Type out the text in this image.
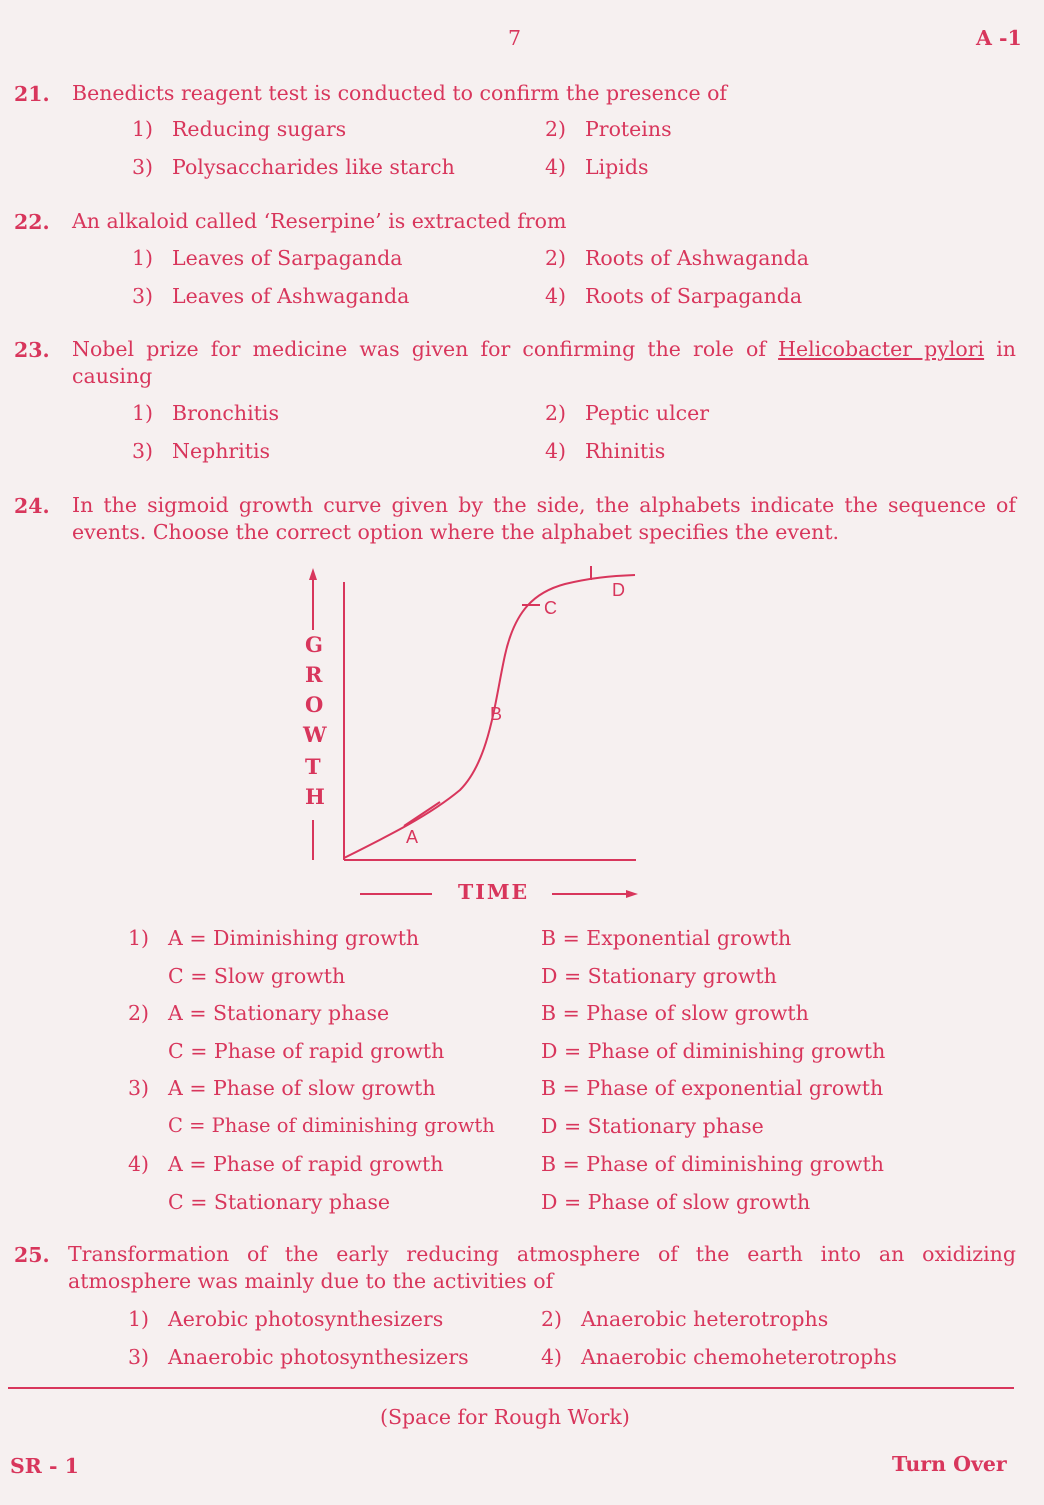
7	A -1
21. Benedicts reagent test is conducted to confirm the presence of
1) Reducing sugars	2) Proteins
3) Polysaccharides like starch	4) Lipids
22. An alkaloid called ‘Reserpine’ is extracted from
1) Leaves of Sarpaganda	2) Roots of Ashwaganda
3) Leaves of Ashwaganda	4) Roots of Sarpaganda
23. Nobel prize for medicine was given for confirming the role of Helicobacter pylori in causing
1) Bronchitis	2) Peptic ulcer
3) Nephritis	4) Rhinitis
24. In the sigmoid growth curve given by the side, the alphabets indicate the sequence of events. Choose the correct option where the alphabet specifies the event.
G
R
O
W
T
H
A
B
C
D
TIME
1) A = Diminishing growth	B = Exponential growth
C = Slow growth	D = Stationary growth
2) A = Stationary phase	B = Phase of slow growth
C = Phase of rapid growth	D = Phase of diminishing growth
3) A = Phase of slow growth	B = Phase of exponential growth
C = Phase of diminishing growth D = Stationary phase
4) A = Phase of rapid growth	B = Phase of diminishing growth
C = Stationary phase	D = Phase of slow growth
25. Transformation of the early reducing atmosphere of the earth into an oxidizing atmosphere was mainly due to the activities of
1) Aerobic photosynthesizers	2) Anaerobic heterotrophs
3) Anaerobic photosynthesizers	4) Anaerobic chemoheterotrophs
(Space for Rough Work)
SR - 1	Turn Over
